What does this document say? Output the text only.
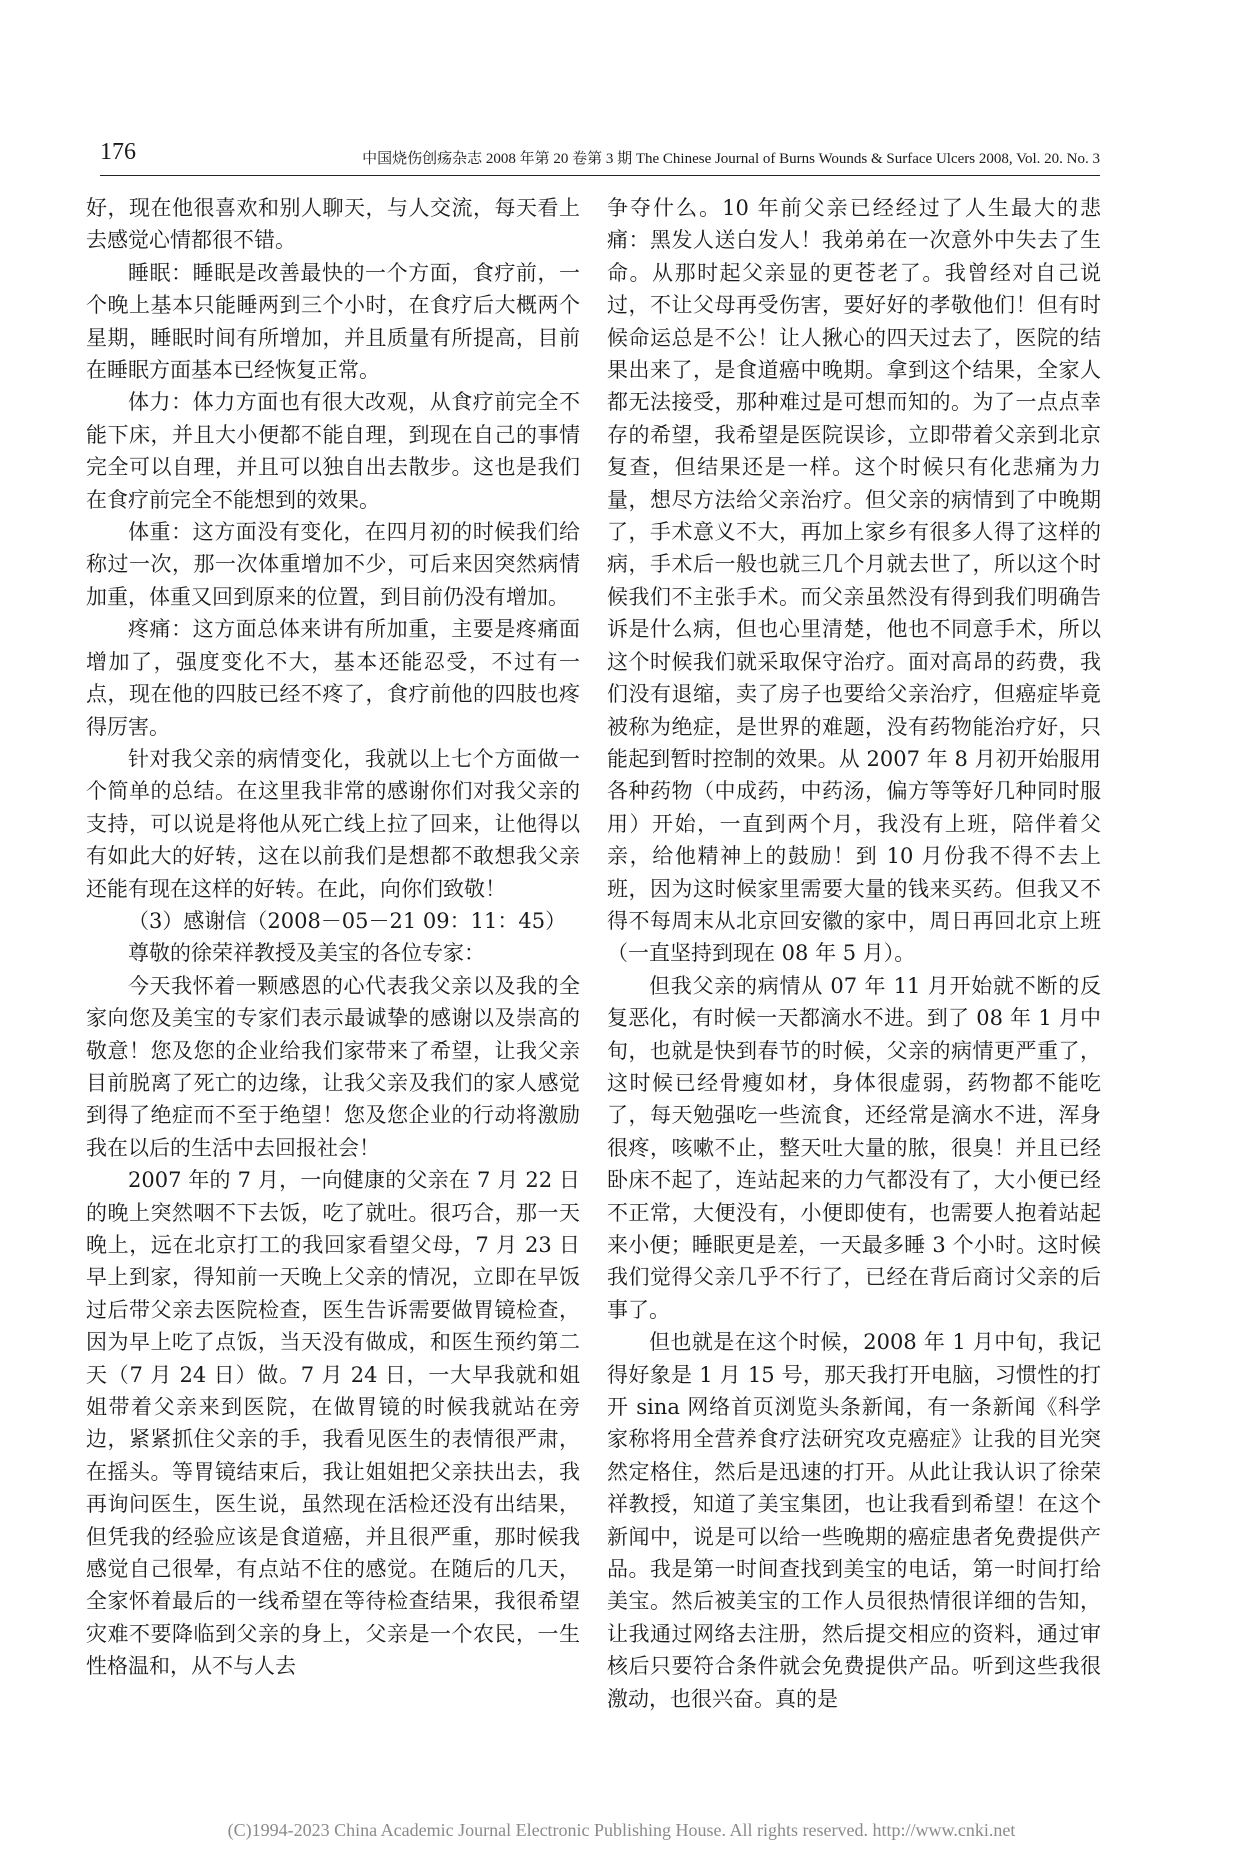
176	中国烧伤创疡杂志 2008 年第 20 卷第 3 期 The Chinese Journal of Burns Wounds & Surface Ulcers 2008, Vol. 20. No. 3

好，现在他很喜欢和别人聊天，与人交流，每天看上去感觉心情都很不错。

睡眠：睡眠是改善最快的一个方面，食疗前，一个晚上基本只能睡两到三个小时，在食疗后大概两个星期，睡眠时间有所增加，并且质量有所提高，目前在睡眠方面基本已经恢复正常。

体力：体力方面也有很大改观，从食疗前完全不能下床，并且大小便都不能自理，到现在自己的事情完全可以自理，并且可以独自出去散步。这也是我们在食疗前完全不能想到的效果。

体重：这方面没有变化，在四月初的时候我们给称过一次，那一次体重增加不少，可后来因突然病情加重，体重又回到原来的位置，到目前仍没有增加。

疼痛：这方面总体来讲有所加重，主要是疼痛面增加了，强度变化不大，基本还能忍受，不过有一点，现在他的四肢已经不疼了，食疗前他的四肢也疼得厉害。

针对我父亲的病情变化，我就以上七个方面做一个简单的总结。在这里我非常的感谢你们对我父亲的支持，可以说是将他从死亡线上拉了回来，让他得以有如此大的好转，这在以前我们是想都不敢想我父亲还能有现在这样的好转。在此，向你们致敬！

（3）感谢信（2008－05－21 09：11：45）

尊敬的徐荣祥教授及美宝的各位专家：

今天我怀着一颗感恩的心代表我父亲以及我的全家向您及美宝的专家们表示最诚挚的感谢以及崇高的敬意！您及您的企业给我们家带来了希望，让我父亲目前脱离了死亡的边缘，让我父亲及我们的家人感觉到得了绝症而不至于绝望！您及您企业的行动将激励我在以后的生活中去回报社会！

2007 年的 7 月，一向健康的父亲在 7 月 22 日的晚上突然咽不下去饭，吃了就吐。很巧合，那一天晚上，远在北京打工的我回家看望父母，7 月 23 日早上到家，得知前一天晚上父亲的情况，立即在早饭过后带父亲去医院检查，医生告诉需要做胃镜检查，因为早上吃了点饭，当天没有做成，和医生预约第二天（7 月 24 日）做。7 月 24 日，一大早我就和姐姐带着父亲来到医院，在做胃镜的时候我就站在旁边，紧紧抓住父亲的手，我看见医生的表情很严肃，在摇头。等胃镜结束后，我让姐姐把父亲扶出去，我再询问医生，医生说，虽然现在活检还没有出结果，但凭我的经验应该是食道癌，并且很严重，那时候我感觉自己很晕，有点站不住的感觉。在随后的几天，全家怀着最后的一线希望在等待检查结果，我很希望灾难不要降临到父亲的身上，父亲是一个农民，一生性格温和，从不与人去

争夺什么。10 年前父亲已经经过了人生最大的悲痛：黑发人送白发人！我弟弟在一次意外中失去了生命。从那时起父亲显的更苍老了。我曾经对自己说过，不让父母再受伤害，要好好的孝敬他们！但有时候命运总是不公！让人揪心的四天过去了，医院的结果出来了，是食道癌中晚期。拿到这个结果，全家人都无法接受，那种难过是可想而知的。为了一点点幸存的希望，我希望是医院误诊，立即带着父亲到北京复查，但结果还是一样。这个时候只有化悲痛为力量，想尽方法给父亲治疗。但父亲的病情到了中晚期了，手术意义不大，再加上家乡有很多人得了这样的病，手术后一般也就三几个月就去世了，所以这个时候我们不主张手术。而父亲虽然没有得到我们明确告诉是什么病，但也心里清楚，他也不同意手术，所以这个时候我们就采取保守治疗。面对高昂的药费，我们没有退缩，卖了房子也要给父亲治疗，但癌症毕竟被称为绝症，是世界的难题，没有药物能治疗好，只能起到暂时控制的效果。从 2007 年 8 月初开始服用各种药物（中成药，中药汤，偏方等等好几种同时服用）开始，一直到两个月，我没有上班，陪伴着父亲，给他精神上的鼓励！到 10 月份我不得不去上班，因为这时候家里需要大量的钱来买药。但我又不得不每周末从北京回安徽的家中，周日再回北京上班（一直坚持到现在 08 年 5 月）。

但我父亲的病情从 07 年 11 月开始就不断的反复恶化，有时候一天都滴水不进。到了 08 年 1 月中旬，也就是快到春节的时候，父亲的病情更严重了，这时候已经骨瘦如材，身体很虚弱，药物都不能吃了，每天勉强吃一些流食，还经常是滴水不进，浑身很疼，咳嗽不止，整天吐大量的脓，很臭！并且已经卧床不起了，连站起来的力气都没有了，大小便已经不正常，大便没有，小便即使有，也需要人抱着站起来小便；睡眠更是差，一天最多睡 3 个小时。这时候我们觉得父亲几乎不行了，已经在背后商讨父亲的后事了。

但也就是在这个时候，2008 年 1 月中旬，我记得好象是 1 月 15 号，那天我打开电脑，习惯性的打开 sina 网络首页浏览头条新闻，有一条新闻《科学家称将用全营养食疗法研究攻克癌症》让我的目光突然定格住，然后是迅速的打开。从此让我认识了徐荣祥教授，知道了美宝集团，也让我看到希望！在这个新闻中，说是可以给一些晚期的癌症患者免费提供产品。我是第一时间查找到美宝的电话，第一时间打给美宝。然后被美宝的工作人员很热情很详细的告知，让我通过网络去注册，然后提交相应的资料，通过审核后只要符合条件就会免费提供产品。听到这些我很激动，也很兴奋。真的是

(C)1994-2023 China Academic Journal Electronic Publishing House. All rights reserved. http://www.cnki.net
